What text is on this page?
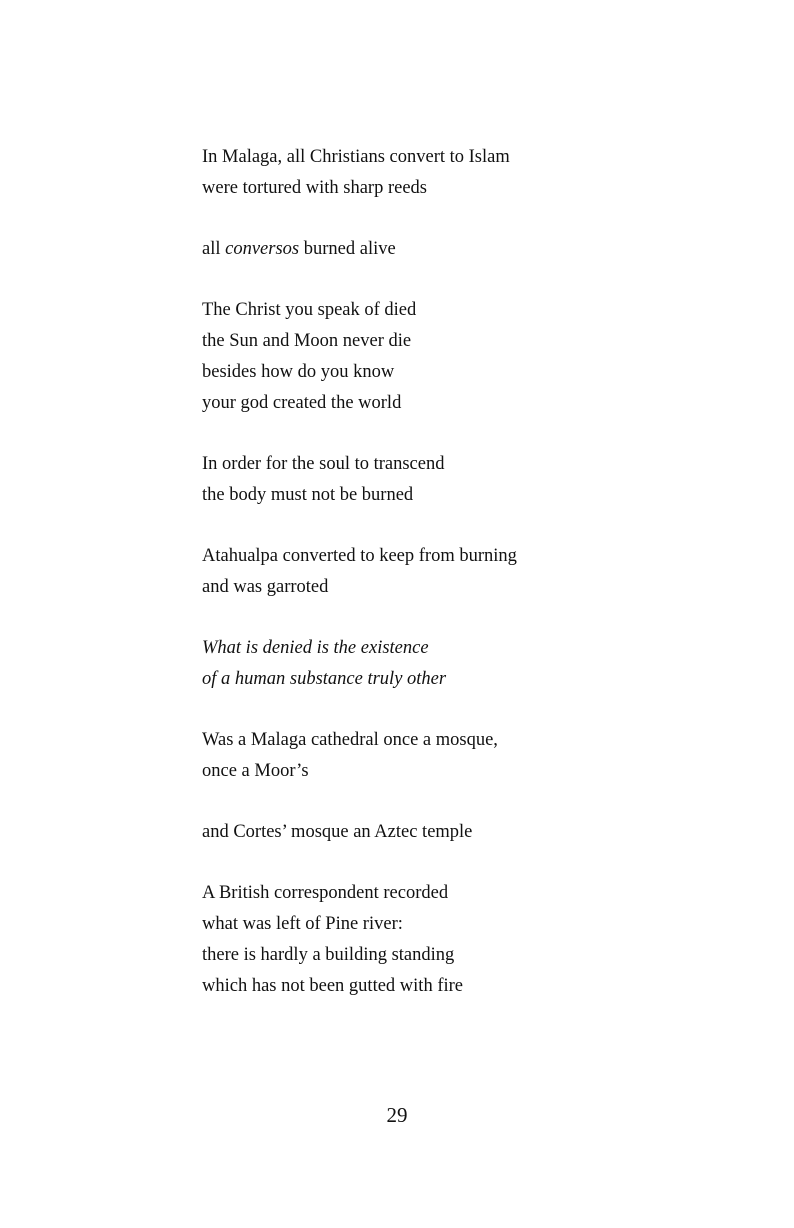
In Malaga, all Christians convert to Islam
were tortured with sharp reeds
all conversos burned alive
The Christ you speak of died
the Sun and Moon never die
besides how do you know
your god created the world
In order for the soul to transcend
the body must not be burned
Atahualpa converted to keep from burning
and was garroted
What is denied is the existence
of a human substance truly other
Was a Malaga cathedral once a mosque,
once a Moor’s
and Cortes’ mosque an Aztec temple
A British correspondent recorded
what was left of Pine river:
there is hardly a building standing
which has not been gutted with fire
29
